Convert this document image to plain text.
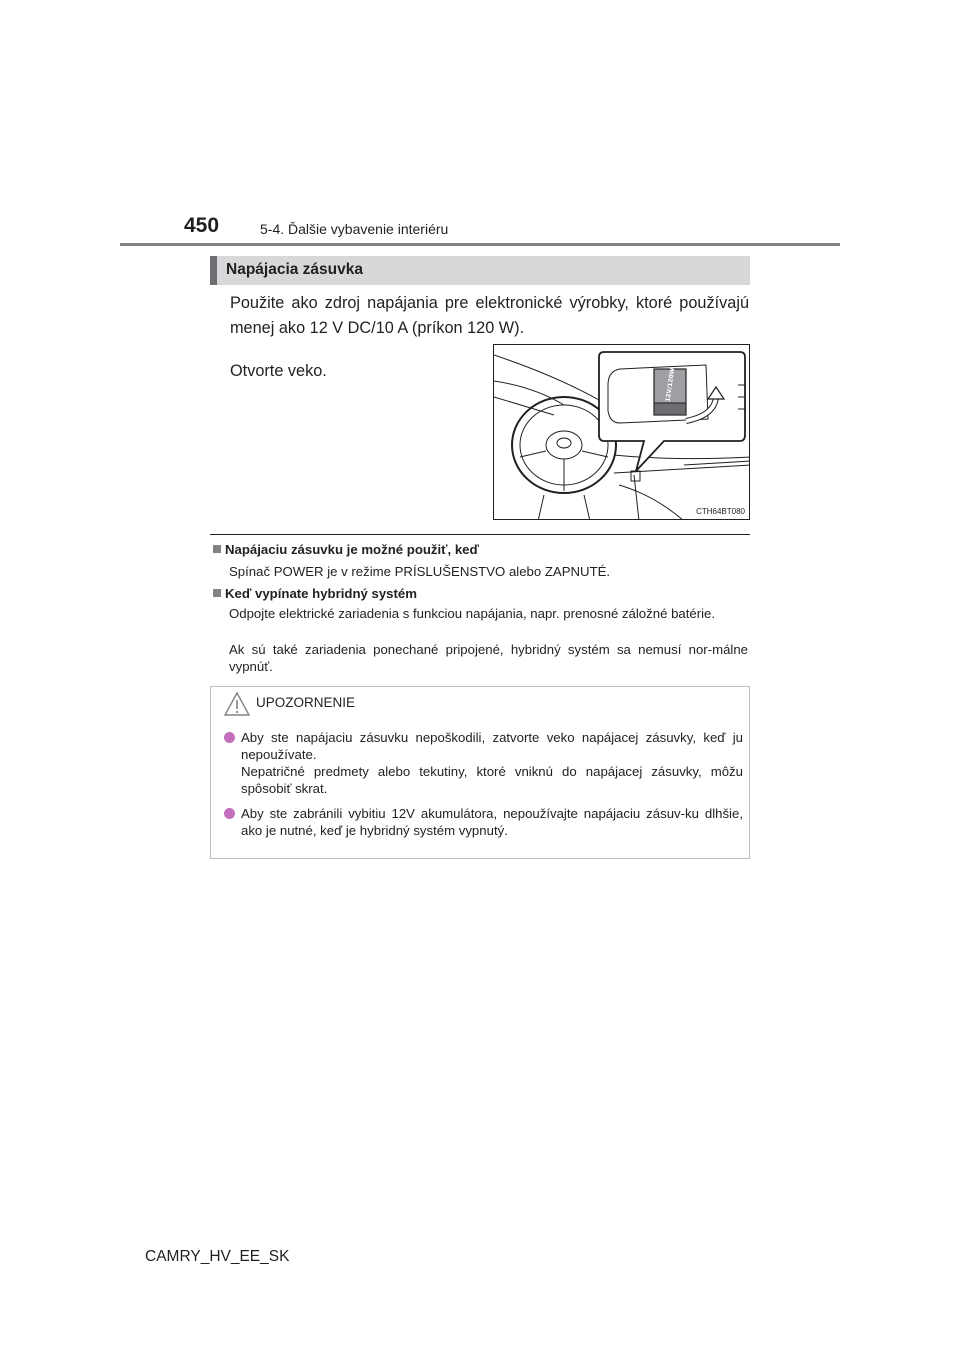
450	5-4. Ďalšie vybavenie interiéru
Napájacia zásuvka
Použite ako zdroj napájania pre elektronické výrobky, ktoré používajú menej ako 12 V DC/10 A (príkon 120 W).
Otvorte veko.	12V/120W
CTH64BT080
Napájaciu zásuvku je možné použiť, keď
Spínač POWER je v režime PRÍSLUŠENSTVO alebo ZAPNUTÉ.
Keď vypínate hybridný systém
Odpojte elektrické zariadenia s funkciou napájania, napr. prenosné záložné batérie.
Ak sú také zariadenia ponechané pripojené, hybridný systém sa nemusí nor-málne vypnúť.
UPOZORNENIE
Aby ste napájaciu zásuvku nepoškodili, zatvorte veko napájacej zásuvky, keď ju nepoužívate.
Nepatričné predmety alebo tekutiny, ktoré vniknú do napájacej zásuvky, môžu spôsobiť skrat.
Aby ste zabránili vybitiu 12V akumulátora, nepoužívajte napájaciu zásuv-ku dlhšie, ako je nutné, keď je hybridný systém vypnutý.
CAMRY_HV_EE_SK
